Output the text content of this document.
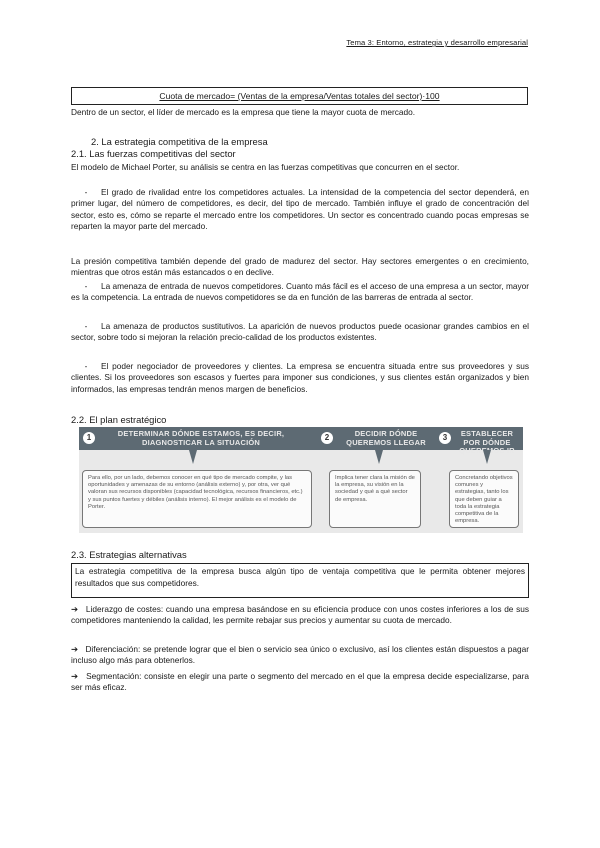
Tema 3: Entorno, estrategia y desarrollo empresarial
Cuota de mercado= (Ventas de la empresa/Ventas totales del sector)·100
Dentro de un sector, el líder de mercado es la empresa que tiene la mayor cuota de mercado.
2. La estrategia competitiva de la empresa
2.1. Las fuerzas competitivas del sector
El modelo de Michael Porter, su análisis se centra en las fuerzas competitivas que concurren en el sector.
- El grado de rivalidad entre los competidores actuales. La intensidad de la competencia del sector dependerá, en primer lugar, del número de competidores, es decir, del tipo de mercado. También influye el grado de concentración del sector, esto es, cómo se reparte el mercado entre los competidores. Un sector es concentrado cuando pocas empresas se reparten la mayor parte del mercado.
La presión competitiva también depende del grado de madurez del sector. Hay sectores emergentes o en crecimiento, mientras que otros están más estancados o en declive.
- La amenaza de entrada de nuevos competidores. Cuanto más fácil es el acceso de una empresa a un sector, mayor es la competencia. La entrada de nuevos competidores se da en función de las barreras de entrada al sector.
- La amenaza de productos sustitutivos. La aparición de nuevos productos puede ocasionar grandes cambios en el sector, sobre todo si mejoran la relación precio-calidad de los productos existentes.
- El poder negociador de proveedores y clientes. La empresa se encuentra situada entre sus proveedores y sus clientes. Si los proveedores son escasos y fuertes para imponer sus condiciones, y sus clientes están organizados y bien informados, las empresas tendrán menos margen de beneficios.
2.2. El plan estratégico
1	DETERMINAR DÓNDE ESTAMOS, ES DECIR, DIAGNOSTICAR LA SITUACIÓN
Para ello, por un lado, debemos conocer en qué tipo de mercado compite, y las oportunidades y amenazas de su entorno (análisis externo) y, por otra, ver qué valoran sus recursos disponibles (capacidad tecnológica, recursos financieros, etc.) y sus puntos fuertes y débiles (análisis interno). El mejor análisis es el modelo de Porter.
2	DECIDIR DÓNDE QUEREMOS LLEGAR
Implica tener clara la misión de la empresa, su visión en la sociedad y qué a qué sector de empresa.
3	ESTABLECER POR DÓNDE QUEREMOS IR
Concretando objetivos comunes y estrategias, tanto los que deben guiar a toda la estrategia competitiva de la empresa.
2.3. Estrategias alternativas
La estrategia competitiva de la empresa busca algún tipo de ventaja competitiva que le permita obtener mejores resultados que sus competidores.
➔ Liderazgo de costes: cuando una empresa basándose en su eficiencia produce con unos costes inferiores a los de sus competidores manteniendo la calidad, les permite rebajar sus precios y aumentar su cuota de mercado.
➔ Diferenciación: se pretende lograr que el bien o servicio sea único o exclusivo, así los clientes están dispuestos a pagar incluso algo más para obtenerlos.
➔ Segmentación: consiste en elegir una parte o segmento del mercado en el que la empresa decide especializarse, para ser más eficaz.
